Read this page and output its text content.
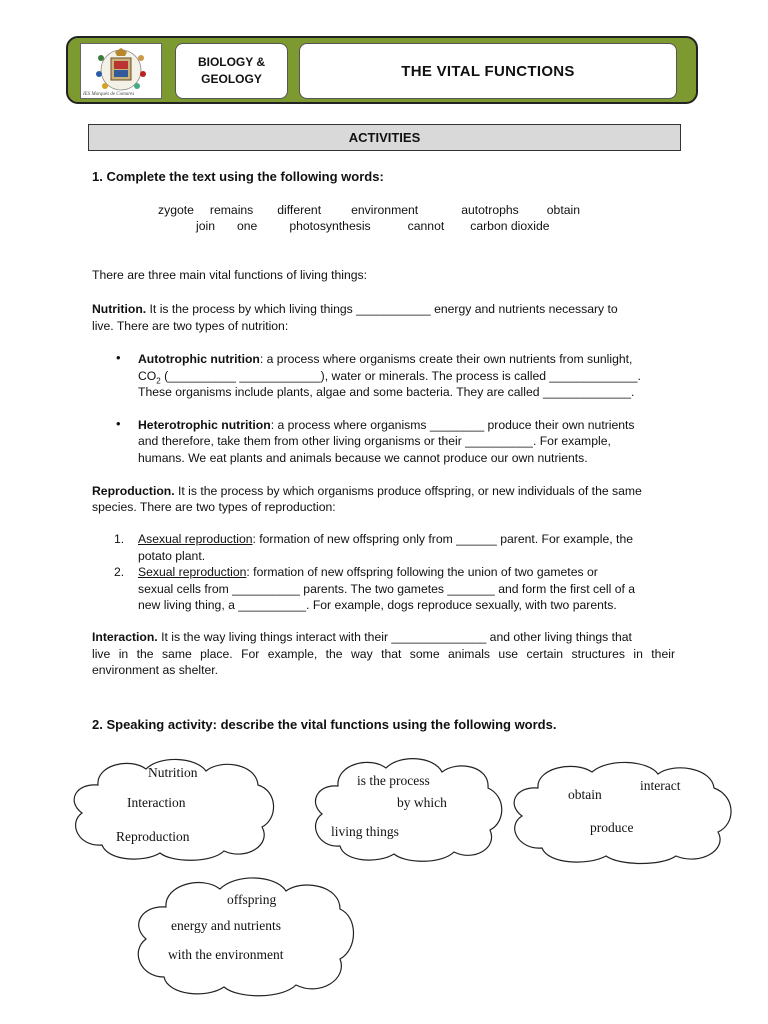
IES Marqués de Comares
BIOLOGY &
GEOLOGY	THE VITAL FUNCTIONS
ACTIVITIES
1. Complete the text using the following words:
zygote remains different environment	autotrophs obtain
join one	photosynthesis	cannot carbon dioxide
There are three main vital functions of living things:
Nutrition. It is the process by which living things ___________ energy and nutrients necessary to
live. There are two types of nutrition:
• Autotrophic nutrition: a process where organisms create their own nutrients from sunlight,
$CO_2$ (__________ ____________), water or minerals. The process is called _____________.
These organisms include plants, algae and some bacteria. They are called _____________.
• Heterotrophic nutrition: a process where organisms ________ produce their own nutrients
and therefore, take them from other living organisms or their __________. For example,
humans. We eat plants and animals because we cannot produce our own nutrients.
Reproduction. It is the process by which organisms produce offspring, or new individuals of the same
species. There are two types of reproduction:
1. Asexual reproduction: formation of new offspring only from ______ parent. For example, the
potato plant.
2. Sexual reproduction: formation of new offspring following the union of two gametes or
sexual cells from __________ parents. The two gametes _______ and form the first cell of a
new living thing, a __________. For example, dogs reproduce sexually, with two parents.
Interaction. It is the way living things interact with their ______________ and other living things that
live in the same place. For example, the way that some animals use certain structures in their
environment as shelter.
2. Speaking activity: describe the vital functions using the following words.
Nutrition
Interaction
Reproduction
is the process
by which
living things
obtain
interact
produce
offspring
energy and nutrients
with the environment
